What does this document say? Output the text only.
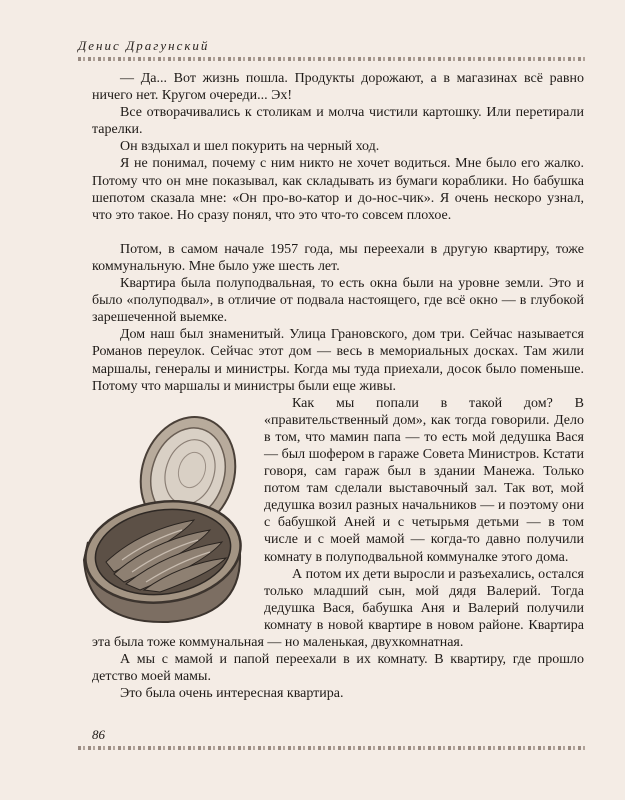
Денис Драгунский

— Да... Вот жизнь пошла. Продукты дорожают, а в магазинах всё равно ничего нет. Кругом очереди... Эх!

Все отворачивались к столикам и молча чистили картошку. Или перетирали тарелки.

Он вздыхал и шел покурить на черный ход.

Я не понимал, почему с ним никто не хочет водиться. Мне было его жалко. Потому что он мне показывал, как складывать из бумаги кораблики. Но бабушка шепотом сказала мне: «Он про-во-катор и до-нос-чик». Я очень нескоро узнал, что это такое. Но сразу понял, что это что-то совсем плохое.

Потом, в самом начале 1957 года, мы переехали в другую квартиру, тоже коммунальную. Мне было уже шесть лет.

Квартира была полуподвальная, то есть окна были на уровне земли. Это и было «полуподвал», в отличие от подвала настоящего, где всё окно — в глубокой зарешеченной выемке.

Дом наш был знаменитый. Улица Грановского, дом три. Сейчас называется Романов переулок. Сейчас этот дом — весь в мемориальных досках. Там жили маршалы, генералы и министры. Когда мы туда приехали, досок было поменьше. Потому что маршалы и министры были еще живы.

Как мы попали в такой дом? В «правительственный дом», как тогда говорили. Дело в том, что мамин папа — то есть мой дедушка Вася — был шофером в гараже Совета Министров. Кстати говоря, сам гараж был в здании Манежа. Только потом там сделали выставочный зал. Так вот, мой дедушка возил разных начальников — и поэтому они с бабушкой Аней и с четырьмя детьми — в том числе и с моей мамой — когда-то давно получили комнату в полуподвальной коммуналке этого дома.

А потом их дети выросли и разъехались, остался только младший сын, мой дядя Валерий. Тогда дедушка Вася, бабушка Аня и Валерий получили комнату в новой квартире в новом районе. Квартира эта была тоже коммунальная — но маленькая, двухкомнатная.

А мы с мамой и папой переехали в их комнату. В квартиру, где прошло детство моей мамы.

Это была очень интересная квартира.

86
